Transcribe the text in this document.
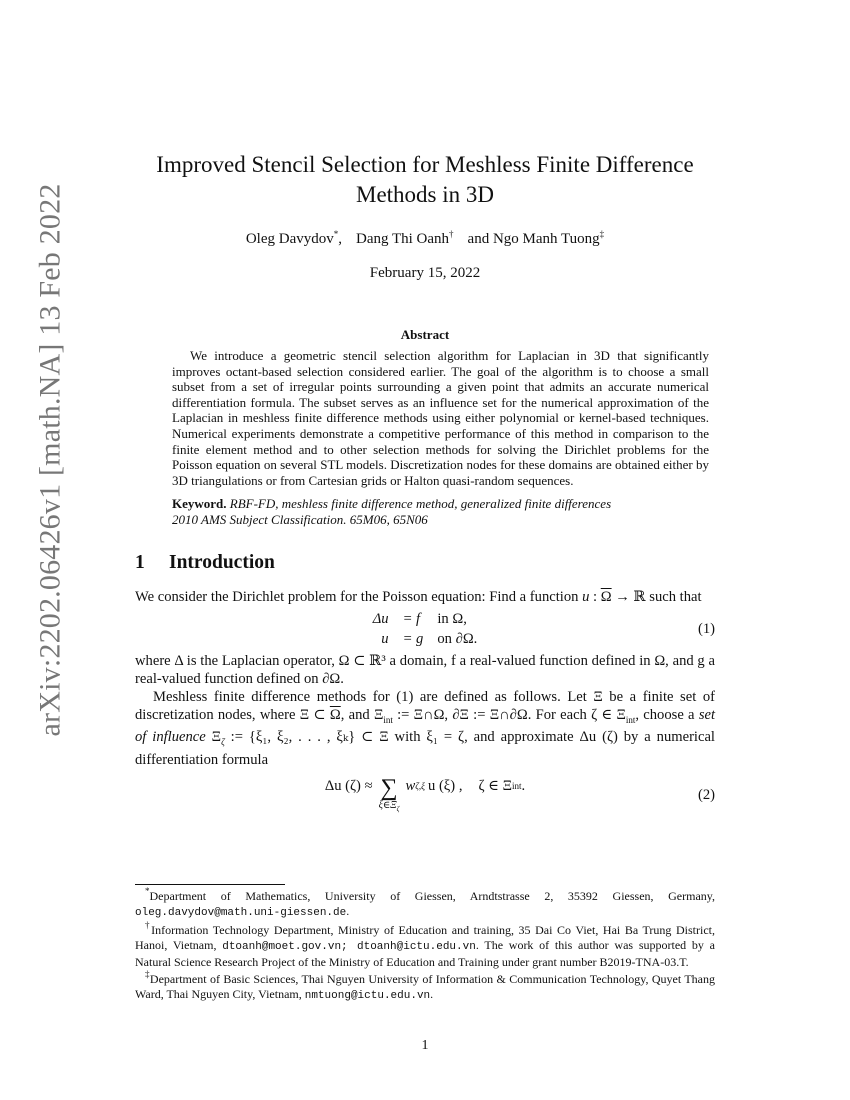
arXiv:2202.06426v1 [math.NA] 13 Feb 2022
Improved Stencil Selection for Meshless Finite Difference Methods in 3D
Oleg Davydov*, Dang Thi Oanh† and Ngo Manh Tuong‡
February 15, 2022
Abstract

We introduce a geometric stencil selection algorithm for Laplacian in 3D that significantly improves octant-based selection considered earlier. The goal of the algorithm is to choose a small subset from a set of irregular points surrounding a given point that admits an accurate numerical differentiation formula. The subset serves as an influence set for the numerical approximation of the Laplacian in meshless finite difference methods using either polynomial or kernel-based techniques. Numerical experiments demonstrate a competitive performance of this method in comparison to the finite element method and to other selection methods for solving the Dirichlet problems for the Poisson equation on several STL models. Discretization nodes for these domains are obtained either by 3D triangulations or from Cartesian grids or Halton quasi-random sequences.

Keyword. RBF-FD, meshless finite difference method, generalized finite differences
2010 AMS Subject Classification. 65M06, 65N06
1 Introduction

We consider the Dirichlet problem for the Poisson equation: Find a function u : $\overline{\Omega}$ → ℝ such that

Δu = f in Ω,
u = g on ∂Ω.
(1)

where Δ is the Laplacian operator, Ω ⊂ ℝ³ a domain, f a real-valued function defined in Ω, and g a real-valued function defined on ∂Ω.

Meshless finite difference methods for (1) are defined as follows. Let Ξ be a finite set of discretization nodes, where Ξ ⊂ $\overline{\Omega}$, and $\Xi_{int}$ := Ξ∩Ω, ∂Ξ := Ξ∩∂Ω. For each ζ ∈ $\Xi_{int}$, choose a set of influence $\Xi_\zeta$ := {ξ₁, ξ₂, . . . , ξₖ} ⊂ Ξ with ξ₁ = ζ, and approximate Δu (ζ) by a numerical differentiation formula

Δu (ζ) ≈ ∑
$\xi\in\Xi_\zeta$
w ζ,ξ u (ξ) , ζ ∈ Ξ int .
(2)
*Department of Mathematics, University of Giessen, Arndtstrasse 2, 35392 Giessen, Germany, oleg.davydov@math.uni-giessen.de.
†Information Technology Department, Ministry of Education and training, 35 Dai Co Viet, Hai Ba Trung District, Hanoi, Vietnam, dtoanh@moet.gov.vn; dtoanh@ictu.edu.vn. The work of this author was supported by a Natural Science Research Project of the Ministry of Education and Training under grant number B2019-TNA-03.T.
‡Department of Basic Sciences, Thai Nguyen University of Information & Communication Technology, Quyet Thang Ward, Thai Nguyen City, Vietnam, nmtuong@ictu.edu.vn.
1
